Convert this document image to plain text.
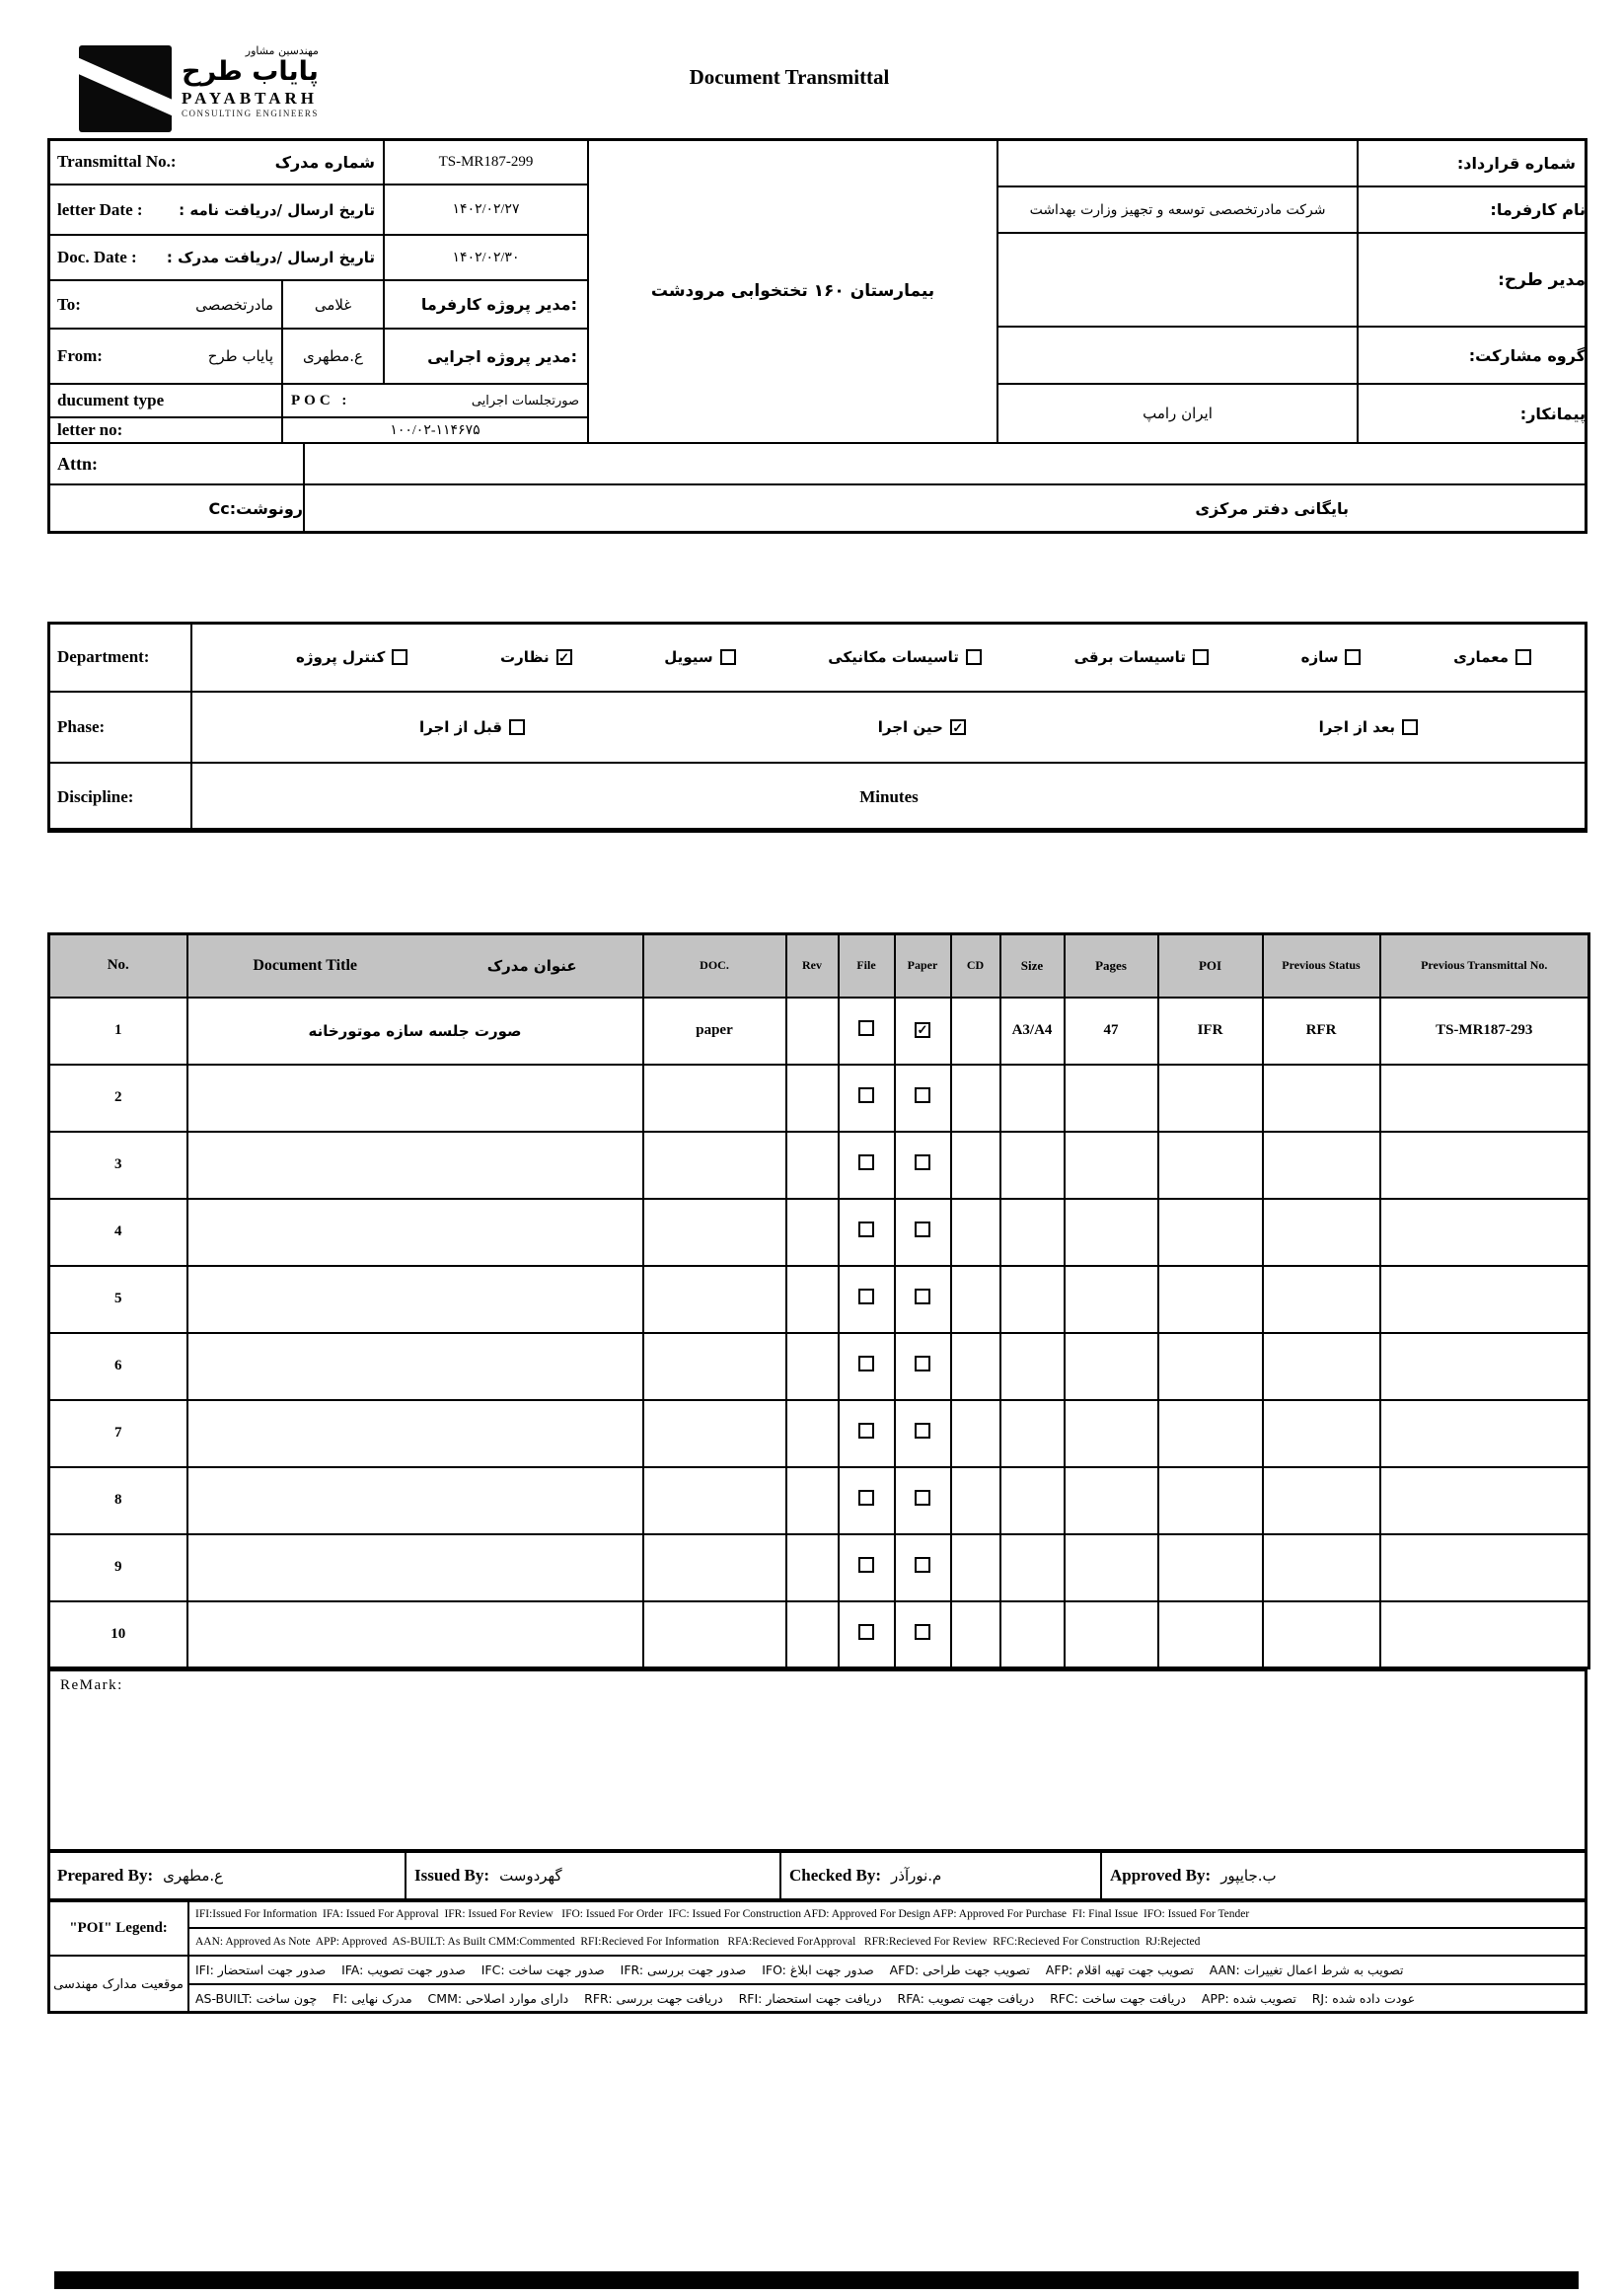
مهندسین مشاور
پایاب طرح
PAYABTARH
CONSULTING ENGINEERS
Document Transmittal
Transmittal No.:	شماره مدرک	TS-MR187-299
letter Date : تاریخ ارسال /دریافت نامه :	۱۴۰۲/۰۲/۲۷
Doc. Date : تاریخ ارسال /دریافت مدرک :	۱۴۰۲/۰۲/۳۰
To:	مادرتخصصی	غلامی	مدیر پروژه کارفرما:
From:	پایاب طرح	ع.مطهری	مدیر پروژه اجرایی:
ducument type	POC :	صورتجلسات اجرایی
letter no:	۱۰۰/۰۲-۱۱۴۶۷۵
Attn:
رونوشت:Cc	بایگانی دفتر مرکزی
بیمارستان ۱۶۰ تختخوابی مرودشت
شماره قرارداد:
شرکت مادرتخصصی توسعه و تجهیز وزارت بهداشت	نام کارفرما:
مدیر طرح:
گروه مشارکت:
ایران رامپ	پیمانکار:
Department:	کنترل پروژه	نظارت ✓	سیویل	تاسیسات مکانیکی	تاسیسات برقی	سازه	معماری
Phase:	قبل از اجرا	حین اجرا ✓	بعد از اجرا
Discipline:	Minutes
No.	Document Title عنوان مدرک	DOC.	Rev	File	Paper	CD	Size	Pages	POI	Previous Status	Previous Transmittal No.
1	صورت جلسه سازه موتورخانه	paper			✓		A3/A4	47	IFR	RFR	TS-MR187-293
2											
3											
4											
5											
6											
7											
8											
9											
10											
ReMark:
Prepared By: ع.مطهری	Issued By: گهردوست	Checked By: م.نورآذر	Approved By: ب.جایپور
"POI" Legend:
IFI:Issued For Information  IFA: Issued For Approval  IFR: Issued For Review   IFO: Issued For Order  IFC: Issued For Construction AFD: Approved For Design AFP: Approved For Purchase  FI: Final Issue  IFO: Issued For Tender
AAN: Approved As Note  APP: Approved  AS-BUILT: As Built CMM:Commented  RFI:Recieved For Information   RFA:Recieved ForApproval   RFR:Recieved For Review  RFC:Recieved For Construction  RJ:Rejected
موقعیت مدارک مهندسی
IFI: صدور جهت استحضار    IFA: صدور جهت تصویب    IFC: صدور جهت ساخت    IFR: صدور جهت بررسی    IFO: صدور جهت ابلاغ    AFD: تصویب جهت طراحی    AFP: تصویب جهت تهیه اقلام    AAN: تصویب به شرط اعمال تغییرات
AS-BUILT: چون ساخت    FI: مدرک نهایی    CMM: دارای موارد اصلاحی    RFR: دریافت جهت بررسی    RFI: دریافت جهت استحضار    RFA: دریافت جهت تصویب    RFC: دریافت جهت ساخت    APP: تصویب شده    RJ: عودت داده شده
